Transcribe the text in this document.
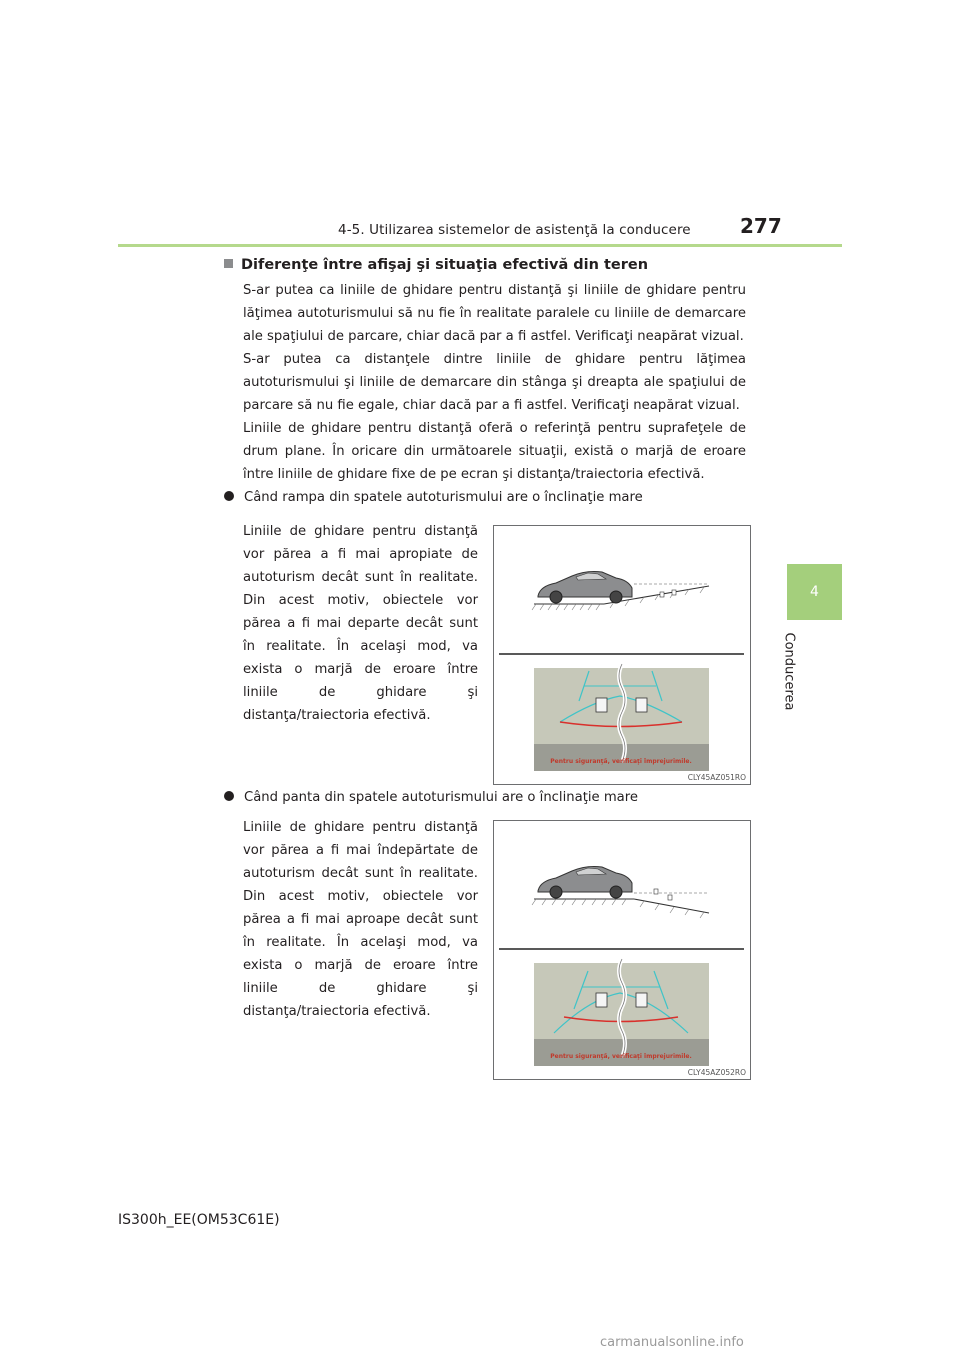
4-5. Utilizarea sistemelor de asistenţă la conducere 277
4
Conducerea
Diferenţe între afişaj şi situaţia efectivă din teren
S-ar putea ca liniile de ghidare pentru distanţă şi liniile de ghidare pentru lăţimea autoturismului să nu fie în realitate paralele cu liniile de demarcare ale spaţiului de parcare, chiar dacă par a fi astfel. Verificaţi neapărat vizual.
S-ar putea ca distanţele dintre liniile de ghidare pentru lăţimea autoturismului şi liniile de demarcare din stânga şi dreapta ale spaţiului de parcare să nu fie egale, chiar dacă par a fi astfel. Verificaţi neapărat vizual.
Liniile de ghidare pentru distanţă oferă o referinţă pentru suprafeţele de drum plane. În oricare din următoarele situaţii, există o marjă de eroare între liniile de ghidare fixe de pe ecran şi distanţa/traiectoria efectivă.
Când rampa din spatele autoturismului are o înclinaţie mare
Liniile de ghidare pentru distanţă vor părea a fi mai apropiate de autoturism decât sunt în realitate. Din acest motiv, obiectele vor părea a fi mai departe decât sunt în realitate. În acelaşi mod, va exista o marjă de eroare între liniile de ghidare şi distanţa/traiectoria efectivă.
Pentru siguranţă, verificaţi împrejurimile.
CLY45AZ051RO
Când panta din spatele autoturismului are o înclinaţie mare
Liniile de ghidare pentru distanţă vor părea a fi mai îndepărtate de autoturism decât sunt în realitate. Din acest motiv, obiectele vor părea a fi mai aproape decât sunt în realitate. În acelaşi mod, va exista o marjă de eroare între liniile de ghidare şi distanţa/traiectoria efectivă.
Pentru siguranţă, verificaţi împrejurimile.
CLY45AZ052RO
IS300h_EE(OM53C61E)
carmanualsonline.info
